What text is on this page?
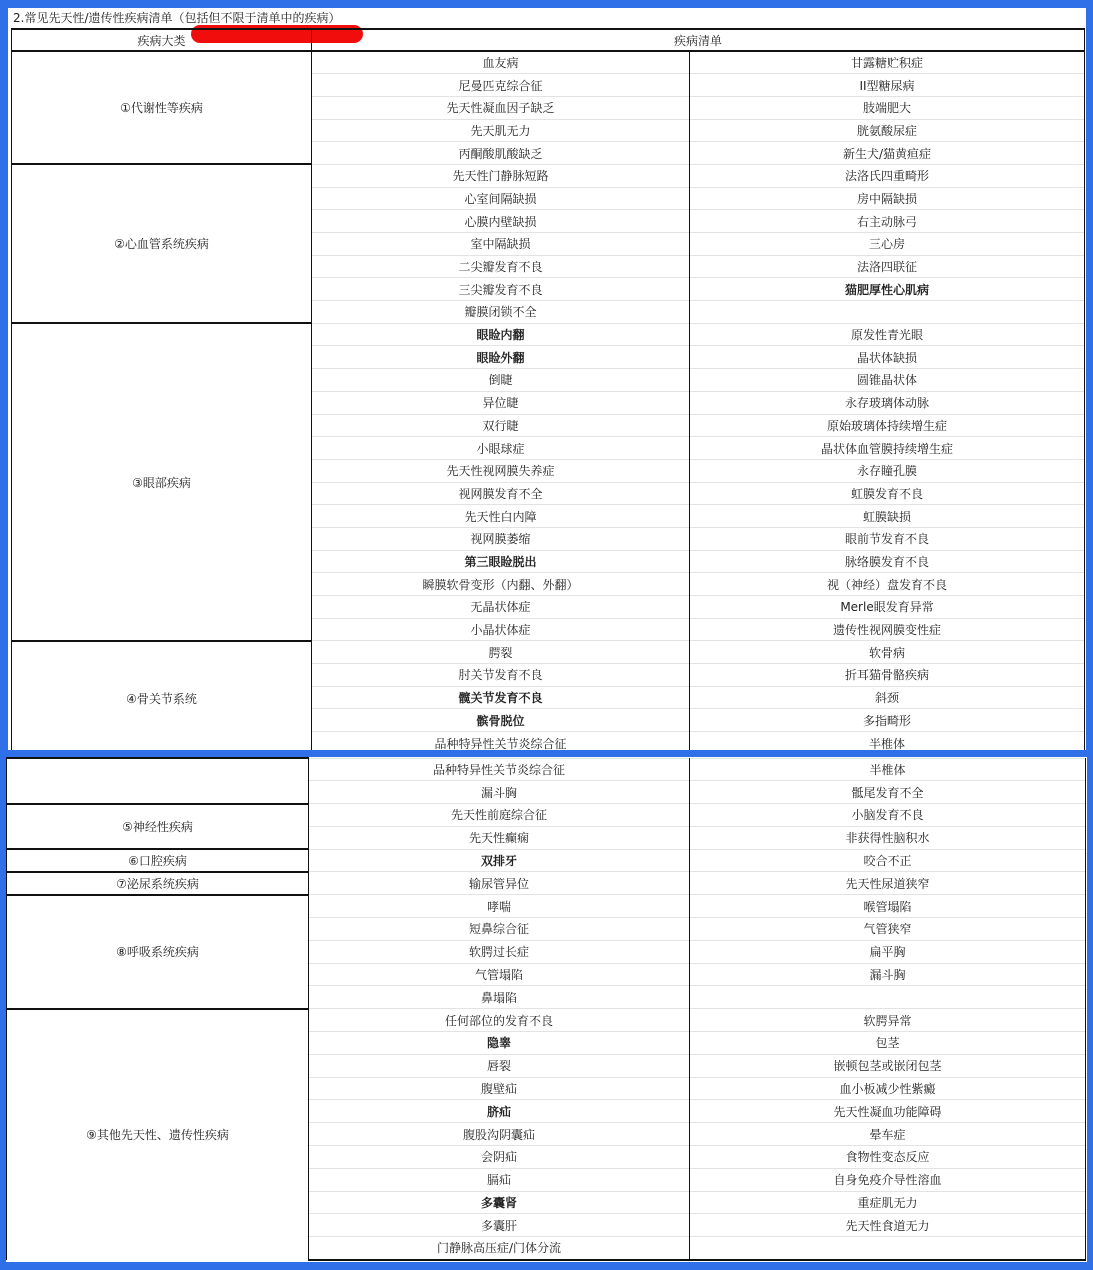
2.常见先天性/遗传性疾病清单（包括但不限于清单中的疾病）
疾病大类	疾病清单	
①代谢性等疾病	血友病	甘露糖贮积症
	尼曼匹克综合征	II型糖尿病
	先天性凝血因子缺乏	肢端肥大
	先天肌无力	胱氨酸尿症
	丙酮酸肌酸缺乏	新生犬/猫黄疸症
②心血管系统疾病	先天性门静脉短路	法洛氏四重畸形
	心室间隔缺损	房中隔缺损
	心膜内壁缺损	右主动脉弓
	室中隔缺损	三心房
	二尖瓣发育不良	法洛四联征
	三尖瓣发育不良	猫肥厚性心肌病
	瓣膜闭锁不全	
③眼部疾病	眼睑内翻	原发性青光眼
	眼睑外翻	晶状体缺损
	倒睫	圆锥晶状体
	异位睫	永存玻璃体动脉
	双行睫	原始玻璃体持续增生症
	小眼球症	晶状体血管膜持续增生症
	先天性视网膜失养症	永存瞳孔膜
	视网膜发育不全	虹膜发育不良
	先天性白内障	虹膜缺损
	视网膜萎缩	眼前节发育不良
	第三眼睑脱出	脉络膜发育不良
	瞬膜软骨变形（内翻、外翻）	视（神经）盘发育不良
	无晶状体症	Merle眼发育异常
	小晶状体症	遗传性视网膜变性症
④骨关节系统	腭裂	软骨病
	肘关节发育不良	折耳猫骨骼疾病
	髋关节发育不良	斜颈
	髌骨脱位	多指畸形
	品种特异性关节炎综合征	半椎体
	品种特异性关节炎综合征	半椎体
	漏斗胸	骶尾发育不全
⑤神经性疾病	先天性前庭综合征	小脑发育不良
	先天性癫痫	非获得性脑积水
⑥口腔疾病	双排牙	咬合不正
⑦泌尿系统疾病	输尿管异位	先天性尿道狭窄
⑧呼吸系统疾病	哮喘	喉管塌陷
	短鼻综合征	气管狭窄
	软腭过长症	扁平胸
	气管塌陷	漏斗胸
	鼻塌陷	
⑨其他先天性、遗传性疾病	任何部位的发育不良	软腭异常
	隐睾	包茎
	唇裂	嵌顿包茎或嵌闭包茎
	腹壁疝	血小板减少性紫癜
	脐疝	先天性凝血功能障碍
	腹股沟阴囊疝	晕车症
	会阴疝	食物性变态反应
	膈疝	自身免疫介导性溶血
	多囊肾	重症肌无力
	多囊肝	先天性食道无力
	门静脉高压症/门体分流	
